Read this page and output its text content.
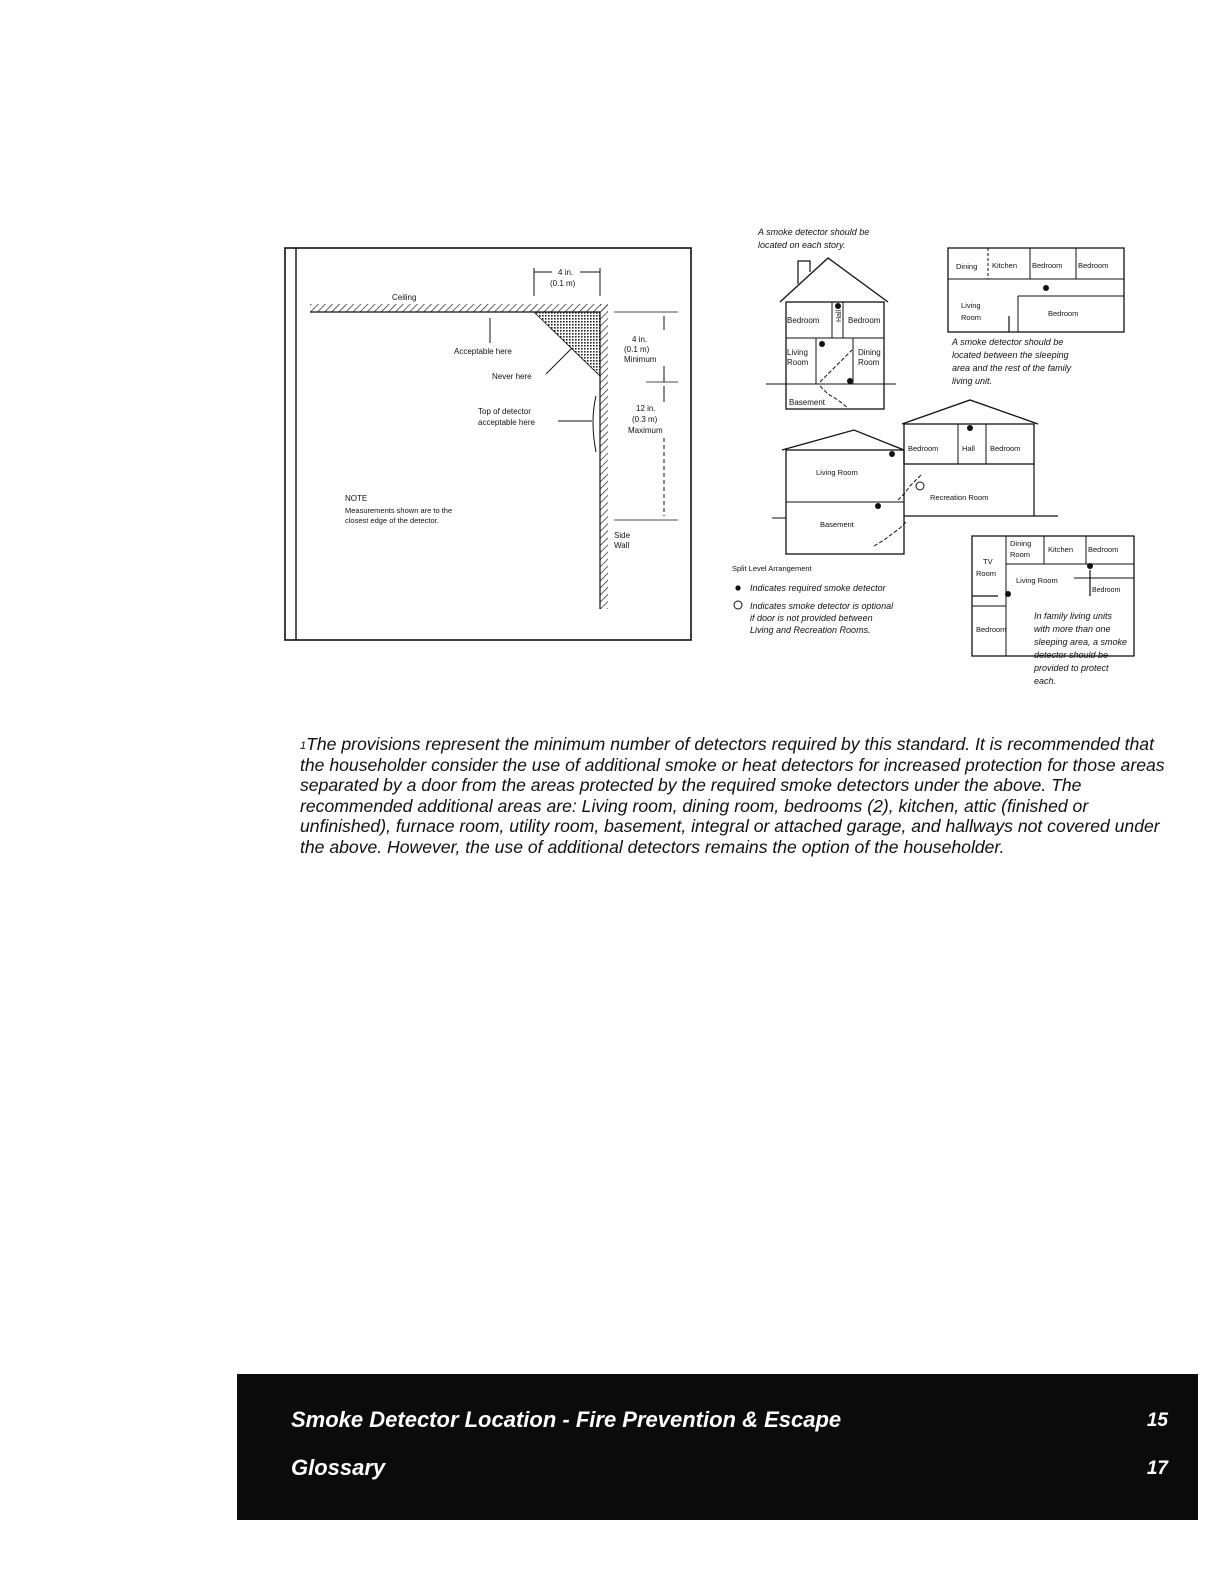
4 in.
(0.1 m)
Ceiling
Acceptable here
Never here
Top of detector
acceptable here
4 in.
(0.1 m)
Minimum
12 in.
(0.3 m)
Maximum
Side
Wall
NOTE
Measurements shown are to the
closest edge of the detector.
A smoke detector should be
located on each story.
Bedroom Hall Bedroom
Living
Room
Dining
Room
Basement
Dining Kitchen Bedroom Bedroom
Living
Room	Bedroom
A smoke detector should be
located between the sleeping
area and the rest of the family
living unit.
Bedroom	Hall Bedroom
Living Room
Recreation Room
Basement
Split Level Arrangement
Indicates required smoke detector
Indicates smoke detector is optional
if door is not provided between
Living and Recreation Rooms.
Dining
Room
Kitchen Bedroom
TV
Room
Living Room
Bedroom
Bedroom
In family living units
with more than one
sleeping area, a smoke
detector should be
provided to protect
each.
$^1$The provisions represent the minimum number of detectors required by this standard. It is recommended that the householder consider the use of additional smoke or heat detectors for increased protection for those areas separated by a door from the areas protected by the required smoke detectors under the above. The recommended additional areas are: Living room, dining room, bedrooms (2), kitchen, attic (finished or unfinished), furnace room, utility room, basement, integral or attached garage, and hallways not covered under the above. However, the use of additional detectors remains the option of the householder.
Smoke Detector Location - Fire Prevention & Escape	15
Glossary	17
